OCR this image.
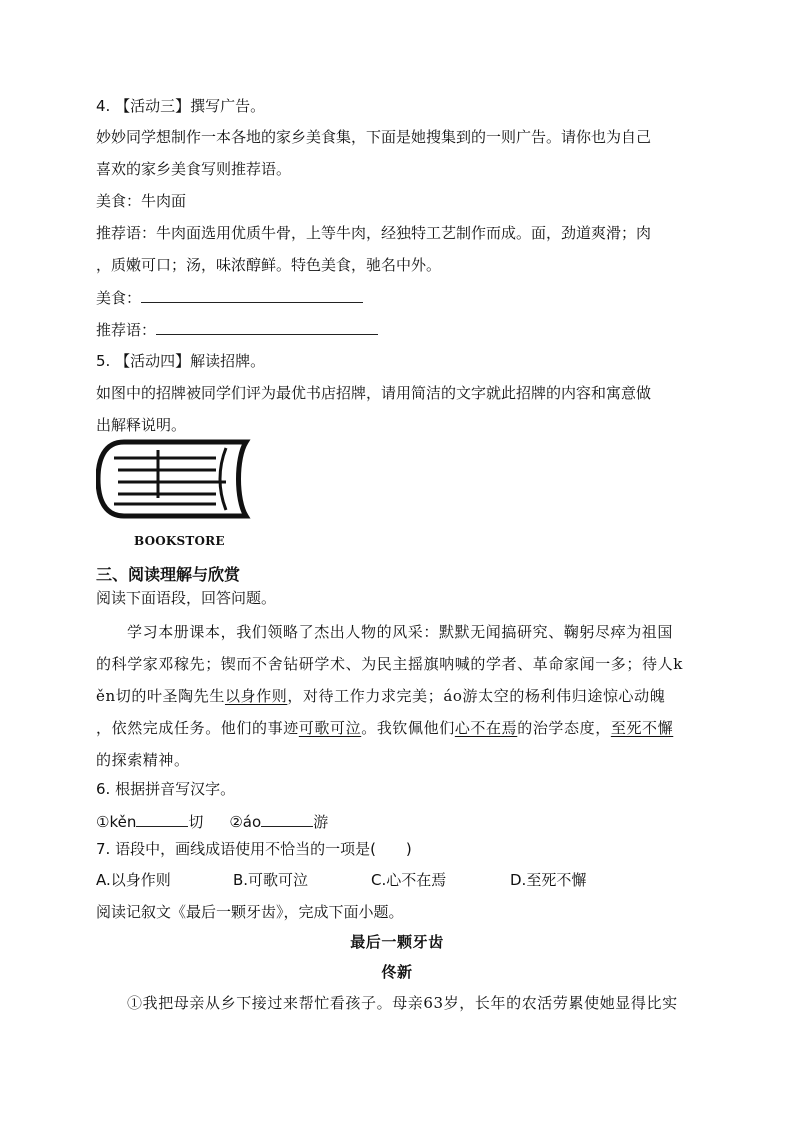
4. 【活动三】撰写广告。
妙妙同学想制作一本各地的家乡美食集，下面是她搜集到的一则广告。请你也为自己
喜欢的家乡美食写则推荐语。
美食：牛肉面
推荐语：牛肉面选用优质牛骨，上等牛肉，经独特工艺制作而成。面，劲道爽滑；肉
，质嫩可口；汤，味浓醇鲜。特色美食，驰名中外。
美食：
推荐语：
5. 【活动四】解读招牌。
如图中的招牌被同学们评为最优书店招牌，请用简洁的文字就此招牌的内容和寓意做
出解释说明。
BOOKSTORE
三、阅读理解与欣赏
阅读下面语段，回答问题。
学习本册课本，我们领略了杰出人物的风采：默默无闻搞研究、鞠躬尽瘁为祖国
的科学家邓稼先；锲而不舍钻研学术、为民主摇旗呐喊的学者、革命家闻一多；待人k
ěn切的叶圣陶先生以身作则，对待工作力求完美；áo游太空的杨利伟归途惊心动魄
，依然完成任务。他们的事迹可歌可泣。我钦佩他们心不在焉的治学态度，至死不懈
的探索精神。
6. 根据拼音写汉字。
①kěn	切 ②áo	游
7. 语段中，画线成语使用不恰当的一项是(　　)
A.以身作则	B.可歌可泣	C.心不在焉	D.至死不懈
阅读记叙文《最后一颗牙齿》，完成下面小题。
最后一颗牙齿
佟新
①我把母亲从乡下接过来帮忙看孩子。母亲63岁，长年的农活劳累使她显得比实
